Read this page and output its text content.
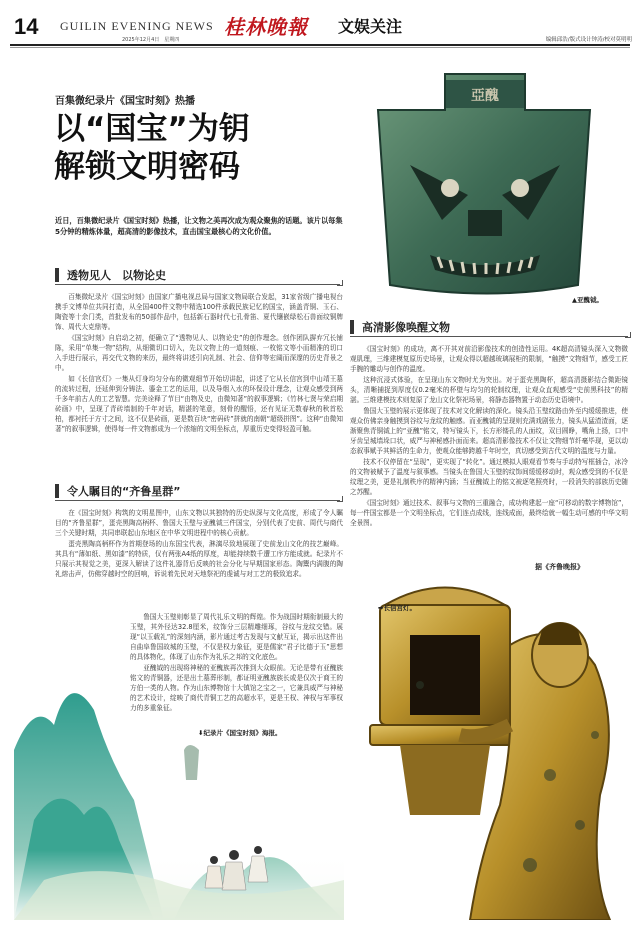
14 GUILIN EVENING NEWS
2025年12月4日　星期四
桂林晚報 文娱关注
编辑邱浩/版式设计钟涛/校对莫明明
百集微纪录片《国宝时刻》热播
以“国宝”为钥
解锁文明密码
近日，百集微纪录片《国宝时刻》热播，让文物之美再次成为观众聚焦的话题。该片以每集5分钟的精炼体量，超高清的影像技术，直击国宝最核心的文化价值。
亞醜
▲亚醜钺。
透物见人　以物论史

百集微纪录片《国宝时刻》由国家广播电视总局与国家文物局联合发起，31家省级广播电视台携手文博单位共同打造，从全国400件文物中精选100件承载民族记忆的国宝，涵盖青铜、玉石、陶瓷等十余门类，首批发布的50部作品中，包括新石器时代七孔骨笛、夏代镶嵌绿松石兽面纹铜牌饰、周代大克鼎等。

《国宝时刻》自启动之初，便确立了“透物见人、以物论史”的创作理念。创作团队摒弃冗长铺陈，采用“单集一物”结构，从细微切口切入，先以文物上的一道刻痕、一枚铭文等小而精准的切口入手进行展示，再交代文物的来历，最终将讲述引向礼制、社会、信仰等宏阔而深邃的历史背景之中。

如《长信宫灯》一集从灯身均匀分布的微观细节开始切讲起，讲述了它从长信宫到中山靖王墓的流转过程，还延伸到分铸法、鎏金工艺的运用，以及导烟入水的环保设计理念，让观众感受到两千多年前古人的工艺智慧。完美诠释了节目“由物及史，由微知著”的叙事逻辑；《竹林七贤与荣启期砖画》中，呈现了青砖墙制的千年对话，精湛的笔意，刻骨的醒悟，还有见证无数春秋的秋首松柏，都衬托于方寸之间，这不仅是砖画，更是数百块“密码砖”拼就的南朝“超级拼图”。这种“由微知著”的叙事逻辑，使得每一件文物都成为一个浓缩的文明坐标点，厚重历史变得轻盈可触。

令人瞩目的“齐鲁星群”

在《国宝时刻》构筑的文明星图中，山东文物以其独特的历史纵深与文化高度，形成了令人瞩目的“齐鲁星群”，蛋壳黑陶高柄杯、鲁国大玉璧与亚醜钺三件国宝，分别代表了史前、周代与商代三个关键时期，共同串联起山东地区在中华文明进程中的核心贡献。

蛋壳黑陶高柄杯作为首期登场的山东国宝代表，淋漓尽致地展现了史前龙山文化的技艺巅峰。其具有“薄如纸、黑如漆”的特质，仅有两张A4纸的厚度，却能持续数千遭工序方能成就。纪录片不只展示其视觉之美，更深入解读了这件礼器背后反映的社会分化与早期国家形态。陶鬻内满腹的陶礼熔击声，仿佛穿越时空的回响，诉说着先民对天地祭祀的虔诚与对工艺的极致追求。

鲁国大玉璧则彰显了周代礼乐文明的辉煌。作为战国时期衔制最大的玉璧，其外径达32.8厘米，纹饰分三层精雕细琢，谷纹与龙纹交错。展现“以玉载礼”的深刻内涵，影片通过考古发现与文献互证，揭示出这件出自曲阜鲁国故城的玉璧，不仅是权力象征，更是儒家“君子比德于玉”思想的具体物化，体现了山东作为礼乐之邦的文化底色。

亚醜钺的出现将神秘的亚醜族再次推到大众眼前。无论是带有亚醜族铭文的青铜器，还是出土墓葬形制，都证明亚醜族族长或是仅次于商王的方伯一类的人物。作为山东博物馆十大镇馆之宝之一，它兼具威严与神秘的艺术设计，绽映了商代青铜工艺的高超水平，更是王权、神权与军事权力的多重象征。

⬇纪录片《国宝时刻》海报。
高清影像唤醒文物

《国宝时刻》的成功，离不开其对前沿影像技术的创造性运用。4K超高清镜头深入文物微观肌理，三维建模复原历史场景，让观众得以超越玻璃展柜的限制，“触摸”文物细节，感受工匠手腕的雕动与创作的温度。

这种沉浸式体验，在呈现山东文物时尤为突出。对于蛋壳黑陶杯，超高清摄影结合微距镜头，清晰捕捉到厚度仅0.2毫米的杯壁与均匀的轮制纹理，让观众直观感受“史前黑科技”的精湛。三维建模技术则复原了龙山文化祭祀场景，将静态器物置于动态历史语境中。

鲁国大玉璧的展示更体现了技术对文化解读的深化。镜头沿玉璧纹路由外至内缓缓推进，使观众仿佛亲身触摸到谷纹与龙纹的触感。而亚醜钺的呈现则充满戏剧张力，镜头从猛渣渣面，逐渐聚焦青铜钺上的“亚醜”铭文，特写镜头下，长方形镂孔的人面纹，双目圆睁，嘴角上扬，口中牙齿呈城墙垛口状，威严与神秘感扑面而来。超高清影像技术不仅让文物细节纤毫毕现，更以动态叙事赋予其鲜活的生命力，使观众能够跨越千年时空，真切感受到古代文明的温度与力量。

技术不仅停留在“呈现”，更实现了“转化”。通过模拟人眼观看节奏与手动特写框插合，冰冷的文物被赋予了温度与叙事感。当镜头在鲁国大玉璧的纹饰间缓缓移动时，观众感受到的不仅是纹理之美，更是礼制秩序的精神内涵；当亚醜钺上的铭文被逐笔照亮时，一段消失的部族历史随之苏醒。

《国宝时刻》通过技术、叙事与文物的三重融合，成功构建起一座“可移动的数字博物馆”，每一件国宝都是一个文明坐标点，它们连点成线，连线成面，最终绘就一幅生动可感的中华文明全景图。

据《齐鲁晚报》
➡长信宫灯。
